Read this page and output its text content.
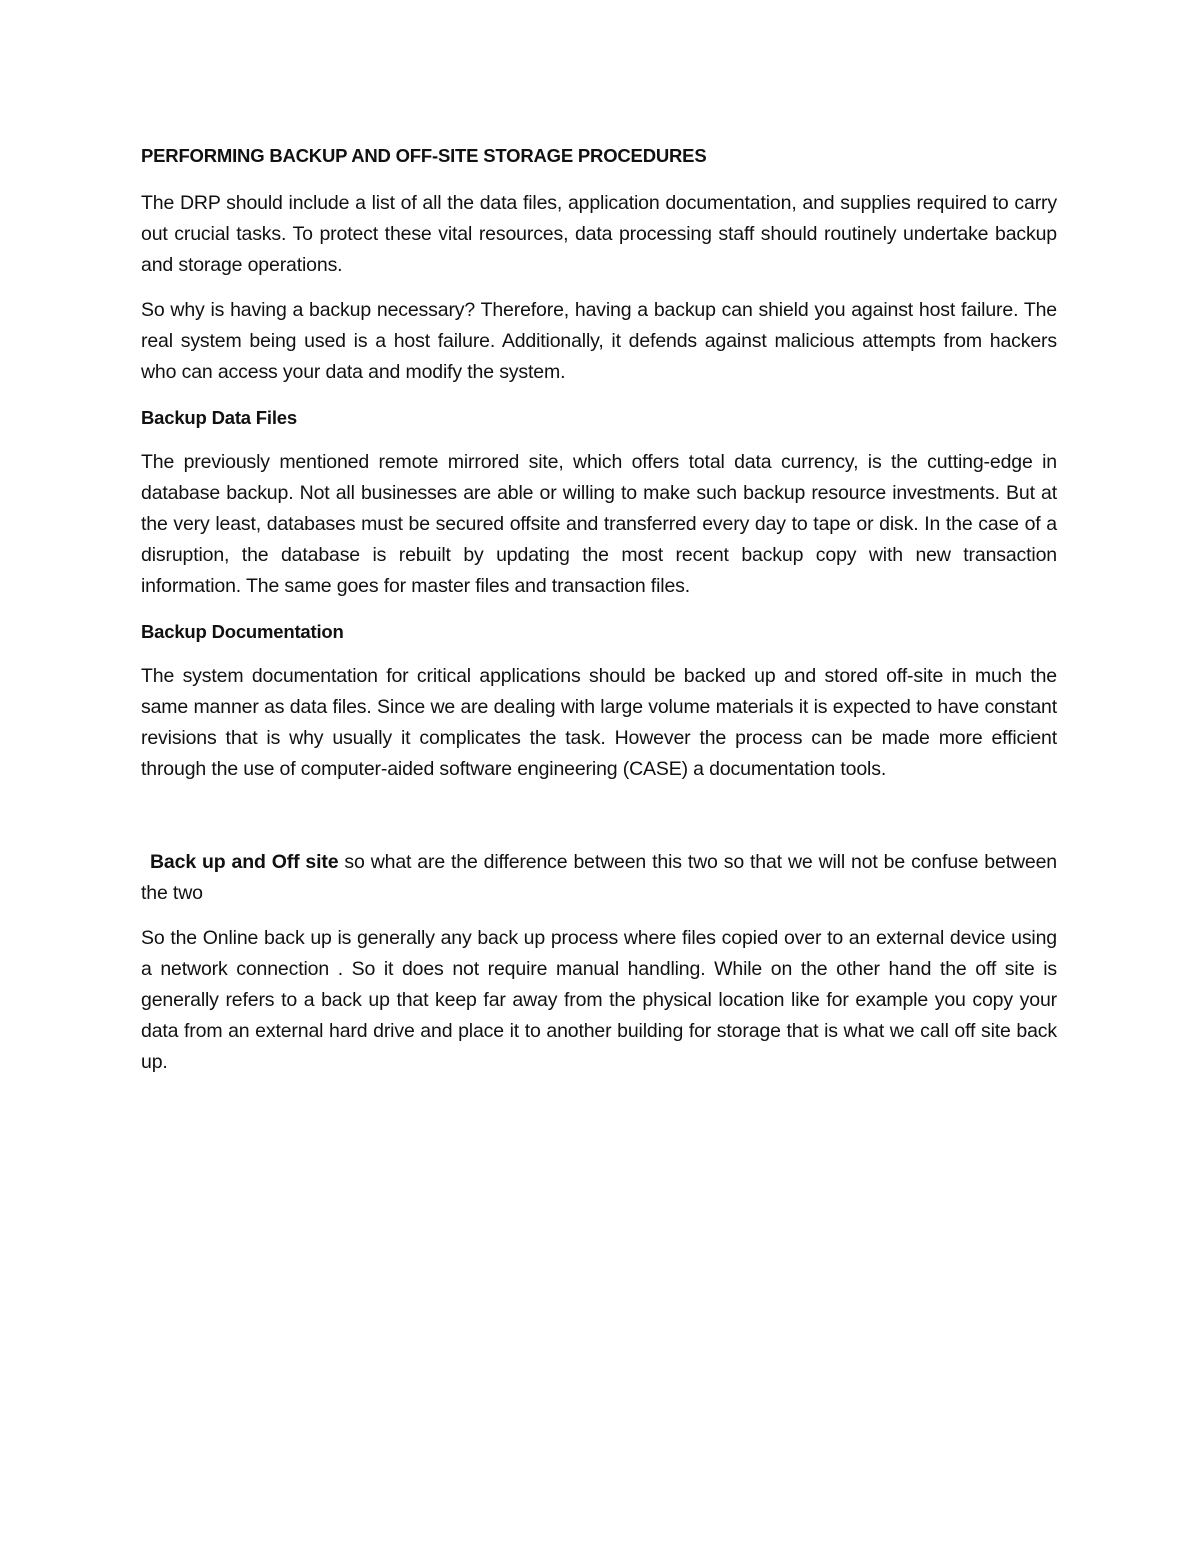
PERFORMING BACKUP AND OFF-SITE STORAGE PROCEDURES

The DRP should include a list of all the data files, application documentation, and supplies required to carry out crucial tasks. To protect these vital resources, data processing staff should routinely undertake backup and storage operations.

So why is having a backup necessary? Therefore, having a backup can shield you against host failure. The real system being used is a host failure. Additionally, it defends against malicious attempts from hackers who can access your data and modify the system.

Backup Data Files

The previously mentioned remote mirrored site, which offers total data currency, is the cutting-edge in database backup. Not all businesses are able or willing to make such backup resource investments. But at the very least, databases must be secured offsite and transferred every day to tape or disk. In the case of a disruption, the database is rebuilt by updating the most recent backup copy with new transaction information. The same goes for master files and transaction files.

Backup Documentation

The system documentation for critical applications should be backed up and stored off-site in much the same manner as data files. Since we are dealing with large volume materials it is expected to have constant revisions that is why usually it complicates the task. However the process can be made more efficient through the use of computer-aided software engineering (CASE) a documentation tools.

Back up and Off site so what are the difference between this two so that we will not be confuse between the two

So the Online back up is generally any back up process where files copied over to an external device using a network connection . So it does not require manual handling. While on the other hand the off site is generally refers to a back up that keep far away from the physical location like for example you copy your data from an external hard drive and place it to another building for storage that is what we call off site back up.
